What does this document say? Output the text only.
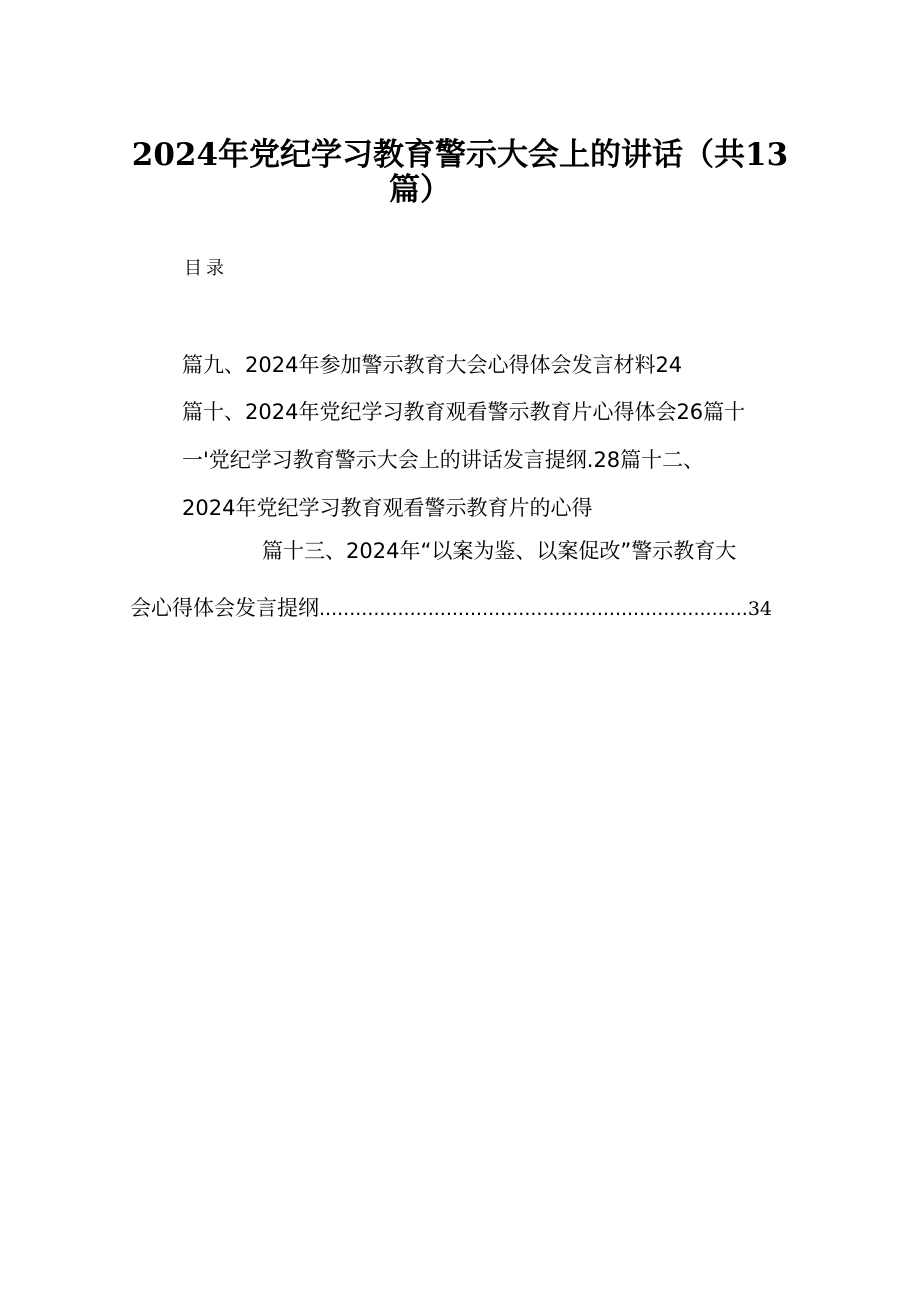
2024年党纪学习教育警示大会上的讲话（共13
篇）
目录
篇九、2024年参加警示教育大会心得体会发言材料24
篇十、2024年党纪学习教育观看警示教育片心得体会26篇十
一'党纪学习教育警示大会上的讲话发言提纲.28篇十二、
2024年党纪学习教育观看警示教育片的心得
篇十三、2024年“以案为鉴、以案促改”警示教育大
会心得体会发言提纲.......................................................................34
